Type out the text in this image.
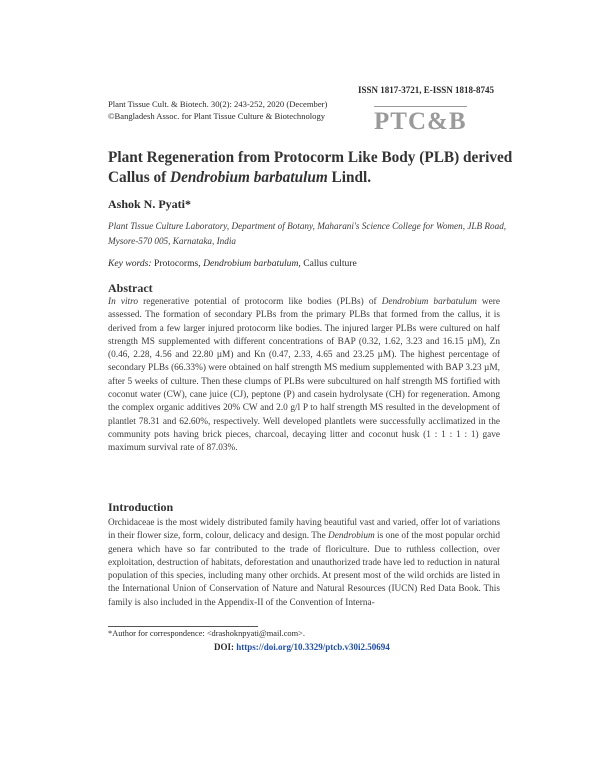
ISSN 1817-3721, E-ISSN 1818-8745
Plant Tissue Cult. & Biotech. 30(2): 243-252, 2020 (December)
©Bangladesh Assoc. for Plant Tissue Culture & Biotechnology PTC&B
Plant Regeneration from Protocorm Like Body (PLB) derived Callus of Dendrobium barbatulum Lindl.
Ashok N. Pyati*
Plant Tissue Culture Laboratory, Department of Botany, Maharani's Science College for Women, JLB Road, Mysore-570 005, Karnataka, India
Key words: Protocorms, Dendrobium barbatulum, Callus culture
Abstract
In vitro regenerative potential of protocorm like bodies (PLBs) of Dendrobium barbatulum were assessed. The formation of secondary PLBs from the primary PLBs that formed from the callus, it is derived from a few larger injured protocorm like bodies. The injured larger PLBs were cultured on half strength MS supplemented with different concentrations of BAP (0.32, 1.62, 3.23 and 16.15 µM), Zn (0.46, 2.28, 4.56 and 22.80 µM) and Kn (0.47, 2.33, 4.65 and 23.25 µM). The highest percentage of secondary PLBs (66.33%) were obtained on half strength MS medium supplemented with BAP 3.23 µM, after 5 weeks of culture. Then these clumps of PLBs were subcultured on half strength MS fortified with coconut water (CW), cane juice (CJ), peptone (P) and casein hydrolysate (CH) for regeneration. Among the complex organic additives 20% CW and 2.0 g/l P to half strength MS resulted in the development of plantlet 78.31 and 62.60%, respectively. Well developed plantlets were successfully acclimatized in the community pots having brick pieces, charcoal, decaying litter and coconut husk (1 : 1 : 1 : 1) gave maximum survival rate of 87.03%.
Introduction
Orchidaceae is the most widely distributed family having beautiful vast and varied, offer lot of variations in their flower size, form, colour, delicacy and design. The Dendrobium is one of the most popular orchid genera which have so far contributed to the trade of floriculture. Due to ruthless collection, over exploitation, destruction of habitats, deforestation and unauthorized trade have led to reduction in natural population of this species, including many other orchids. At present most of the wild orchids are listed in the International Union of Conservation of Nature and Natural Resources (IUCN) Red Data Book. This family is also included in the Appendix-II of the Convention of Interna-
*Author for correspondence: <drashoknpyati@mail.com>.
DOI: https://doi.org/10.3329/ptcb.v30i2.50694
